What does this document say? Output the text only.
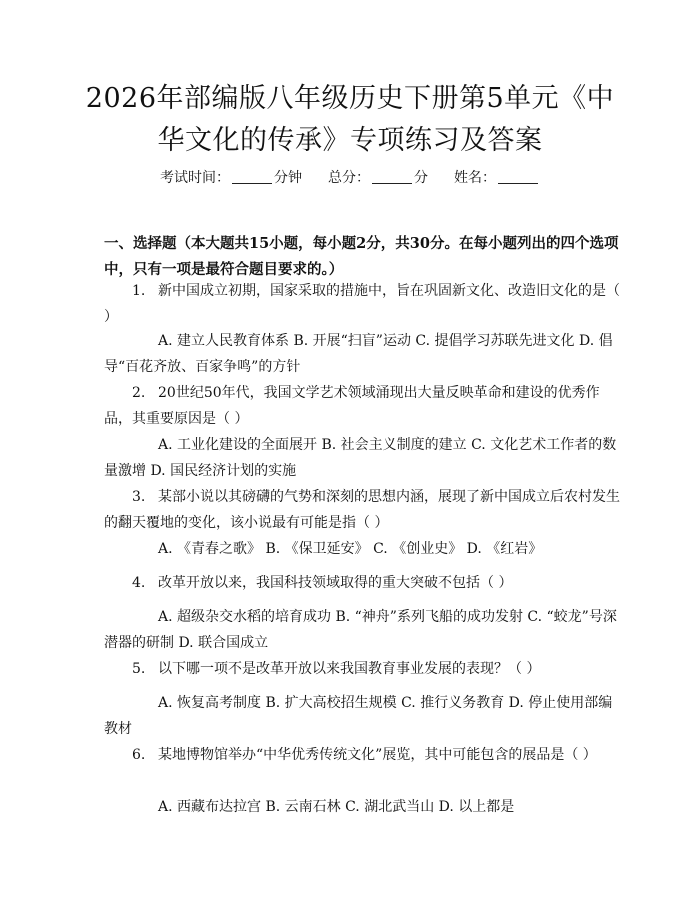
2026年部编版八年级历史下册第5单元《中
华文化的传承》专项练习及答案
考试时间：	分钟 总分：	分 姓名：
一、选择题（本大题共15小题，每小题2分，共30分。在每小题列出的四个选项中，只有一项是最符合题目要求的。）
1. 新中国成立初期，国家采取的措施中，旨在巩固新文化、改造旧文化的是（ ）
A. 建立人民教育体系 B. 开展“扫盲”运动 C. 提倡学习苏联先进文化 D. 倡导“百花齐放、百家争鸣”的方针
2. 20世纪50年代，我国文学艺术领域涌现出大量反映革命和建设的优秀作品，其重要原因是（ ）
A. 工业化建设的全面展开 B. 社会主义制度的建立 C. 文化艺术工作者的数量激增 D. 国民经济计划的实施
3. 某部小说以其磅礴的气势和深刻的思想内涵，展现了新中国成立后农村发生的翻天覆地的变化，该小说最有可能是指（ ）
A. 《青春之歌》 B. 《保卫延安》 C. 《创业史》 D. 《红岩》
4. 改革开放以来，我国科技领域取得的重大突破不包括（ ）
A. 超级杂交水稻的培育成功 B. “神舟”系列飞船的成功发射 C. “蛟龙”号深潜器的研制 D. 联合国成立
5. 以下哪一项不是改革开放以来我国教育事业发展的表现？（ ）
A. 恢复高考制度 B. 扩大高校招生规模 C. 推行义务教育 D. 停止使用部编教材
6. 某地博物馆举办“中华优秀传统文化”展览，其中可能包含的展品是（ ）
A. 西藏布达拉宫 B. 云南石林 C. 湖北武当山 D. 以上都是
